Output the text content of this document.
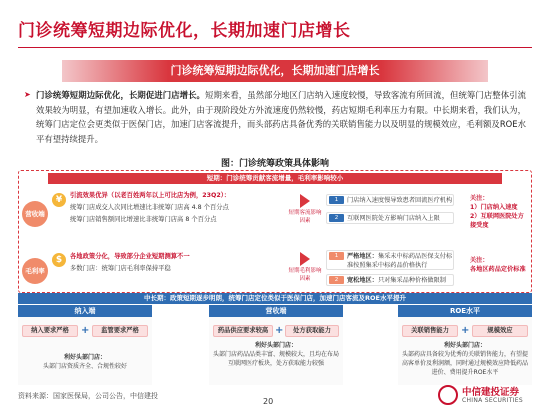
门诊统筹短期边际优化，长期加速门店增长
门诊统筹短期边际优化，长期加速门店增长
➤ 门诊统筹短期边际优化，长期促进门店增长。短期来看，虽然部分地区门店纳入速度较慢，导致客流有所回流，但统筹门店整体引流效果较为明显，有望加速收入增长。此外，由于现阶段处方外流速度仍然较慢，药店短期毛利率压力有限。中长期来看，我们认为，统筹门店定位会更类似于医保门店，加速门店客流提升，而头部药店具备优秀的关联销售能力以及明显的规模效应，毛利额及ROE水平有望持续提升。
图：门诊统筹政策具体影响
短期：门诊统筹贡献客流增量，毛利率影响较小
营收端
¥	引流效果优异（以老百姓两年以上可比店为例，23Q2）：
统筹门店成交人次同比增速比非统筹门店高 4.8 个百分点
统筹门店销售额同比增速比非统筹门店高 8 个百分点
短期客流影响因素
1	门店纳入速度慢导致患者回流医疗机构
2	互联网医院处方影响门店纳入上限
关注：
1）门店纳入速度
2）互联网医院处方接受度
毛利率
$	各地政策分化，导致部分企业短期测算不一
多数门店：统筹门店毛利率保持平稳	短期毛利影响因素
1	严格地区：集采未中标药品医保支付标准按照集采中标药品价格执行
2	宽松地区：只对集采品种价格做限制
关注：
各地区药品定价标准
中长期：政策短期逐步明朗，统筹门店定位类似于医保门店，加速门店客流及ROE水平提升
纳入端
纳入要求严格	+	监管要求严格
利好头部门店：
头部门店资质齐全、合规性较好
营收端
药品供应要求较高 +	处方获取能力
利好头部门店：
头部门店药品品类丰富、规模较大，且均在布局互联网医疗板块，处方获取能力较强
ROE水平
关联销售能力	+	规模效应
利好头部门店：
头部药店具备较为优秀的关联销售能力，有望提高客单价及利润额，同时通过规模效应降低药品进价、费用提升ROE水平
资料来源：国家医保局，公司公告，中信建投
20
中信建投证券
CHINA SECURITIES
